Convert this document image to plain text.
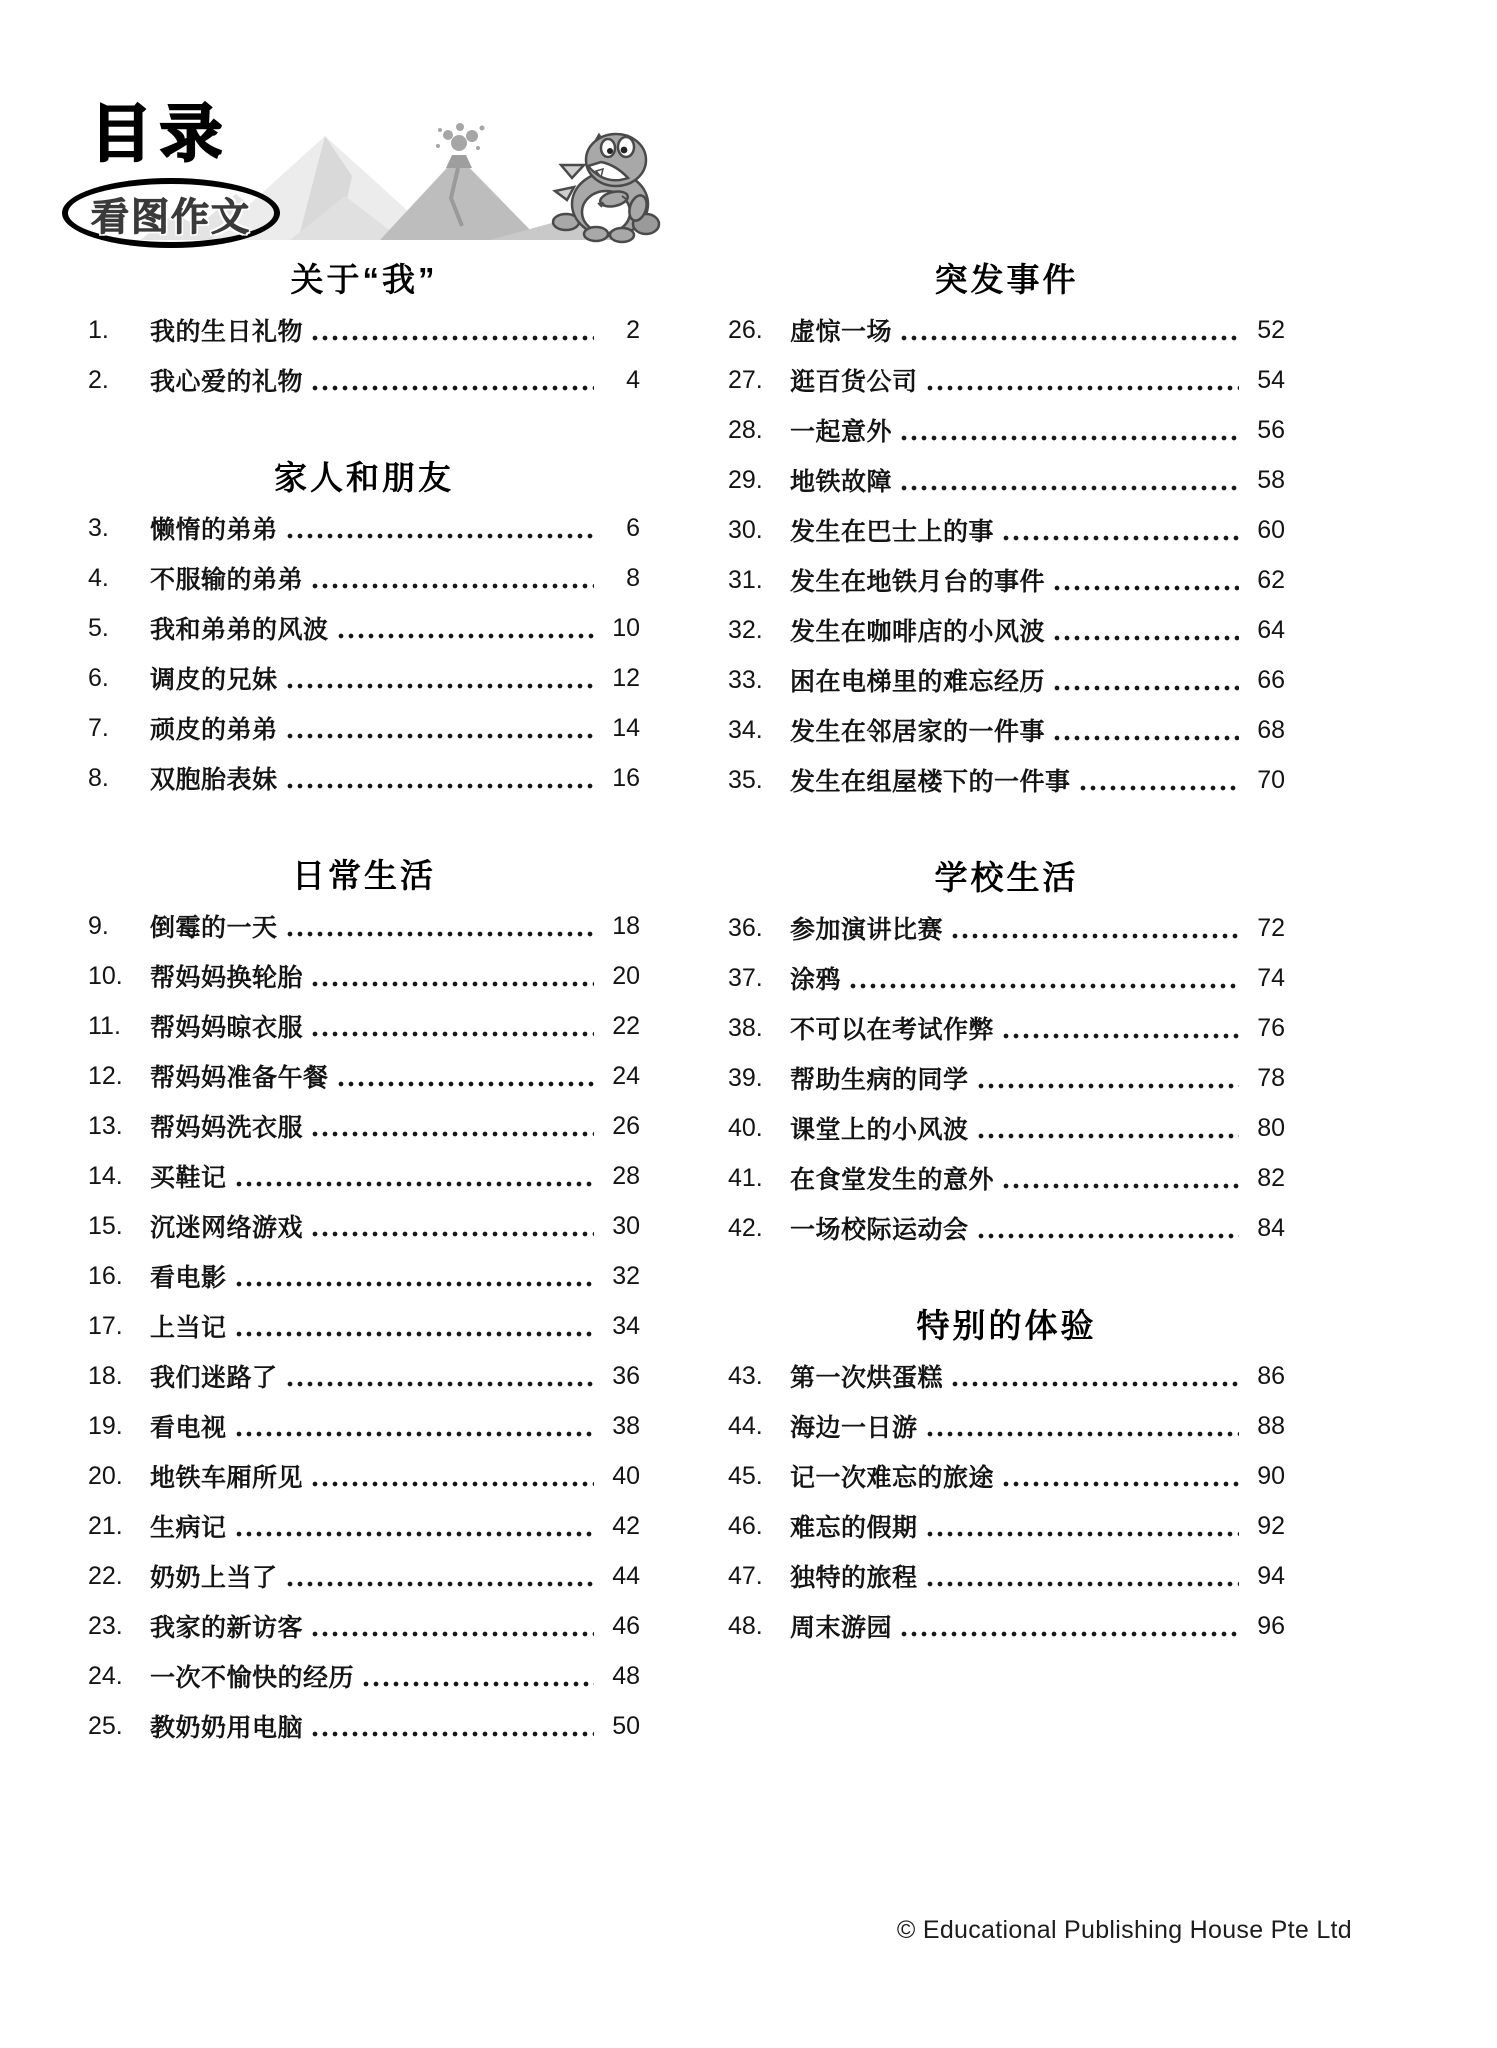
目录
看图作文
关于“我”
1.	我的生日礼物	2
2.	我心爱的礼物	4
家人和朋友
3.	懒惰的弟弟	6
4.	不服输的弟弟	8
5.	我和弟弟的风波	10
6.	调皮的兄妹	12
7.	顽皮的弟弟	14
8.	双胞胎表妹	16
日常生活
9.	倒霉的一天	18
10.	帮妈妈换轮胎	20
11.	帮妈妈晾衣服	22
12.	帮妈妈准备午餐	24
13.	帮妈妈洗衣服	26
14.	买鞋记	28
15.	沉迷网络游戏	30
16.	看电影	32
17.	上当记	34
18.	我们迷路了	36
19.	看电视	38
20.	地铁车厢所见	40
21.	生病记	42
22.	奶奶上当了	44
23.	我家的新访客	46
24.	一次不愉快的经历	48
25.	教奶奶用电脑	50
突发事件
26.	虚惊一场	52
27.	逛百货公司	54
28.	一起意外	56
29.	地铁故障	58
30.	发生在巴士上的事	60
31.	发生在地铁月台的事件	62
32.	发生在咖啡店的小风波	64
33.	困在电梯里的难忘经历	66
34.	发生在邻居家的一件事	68
35.	发生在组屋楼下的一件事	70
学校生活
36.	参加演讲比赛	72
37.	涂鸦	74
38.	不可以在考试作弊	76
39.	帮助生病的同学	78
40.	课堂上的小风波	80
41.	在食堂发生的意外	82
42.	一场校际运动会	84
特别的体验
43.	第一次烘蛋糕	86
44.	海边一日游	88
45.	记一次难忘的旅途	90
46.	难忘的假期	92
47.	独特的旅程	94
48.	周末游园	96
© Educational Publishing House Pte Ltd
